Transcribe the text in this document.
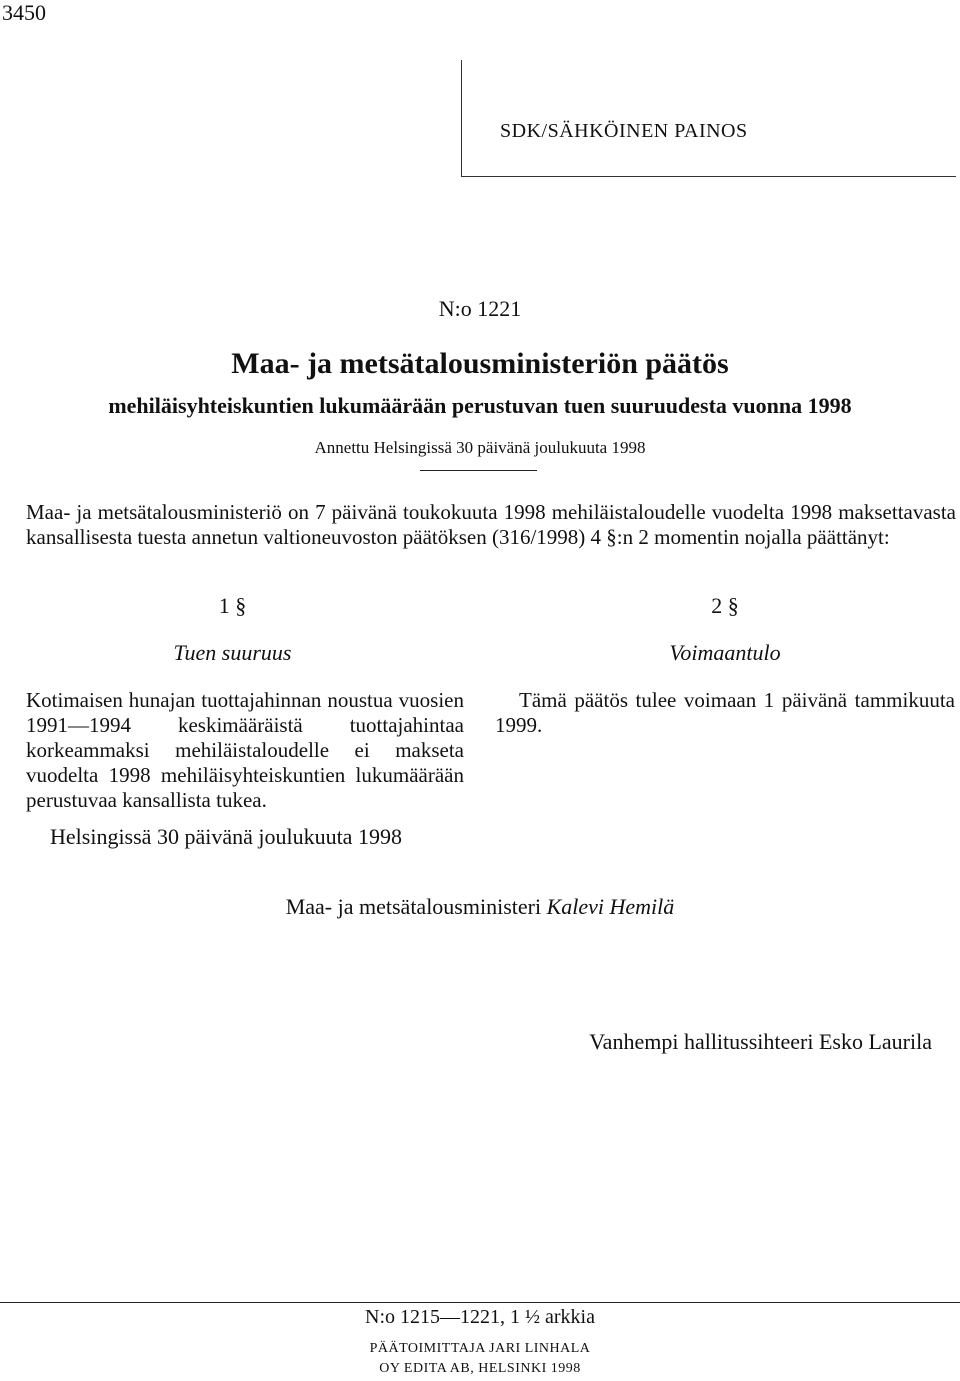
3450
SDK/SÄHKÖINEN PAINOS
N:o 1221
Maa- ja metsätalousministeriön päätös
mehiläisyhteiskuntien lukumäärään perustuvan tuen suuruudesta vuonna 1998
Annettu Helsingissä 30 päivänä joulukuuta 1998
Maa- ja metsätalousministeriö on 7 päivänä toukokuuta 1998 mehiläistaloudelle vuodelta 1998 maksettavasta kansallisesta tuesta annetun valtioneuvoston päätöksen (316/1998) 4 §:n 2 momentin nojalla päättänyt:
1 §
Tuen suuruus
Kotimaisen hunajan tuottajahinnan noustua vuosien 1991—1994 keskimääräistä tuottajahintaa korkeammaksi mehiläistaloudelle ei makseta vuodelta 1998 mehiläisyhteiskuntien lukumäärään perustuvaa kansallista tukea.
2 §
Voimaantulo
Tämä päätös tulee voimaan 1 päivänä tammikuuta 1999.
Helsingissä 30 päivänä joulukuuta 1998
Maa- ja metsätalousministeri Kalevi Hemilä
Vanhempi hallitussihteeri Esko Laurila
N:o 1215—1221, 1 ½ arkkia
PÄÄTOIMITTAJA JARI LINHALA
OY EDITA AB, HELSINKI 1998
